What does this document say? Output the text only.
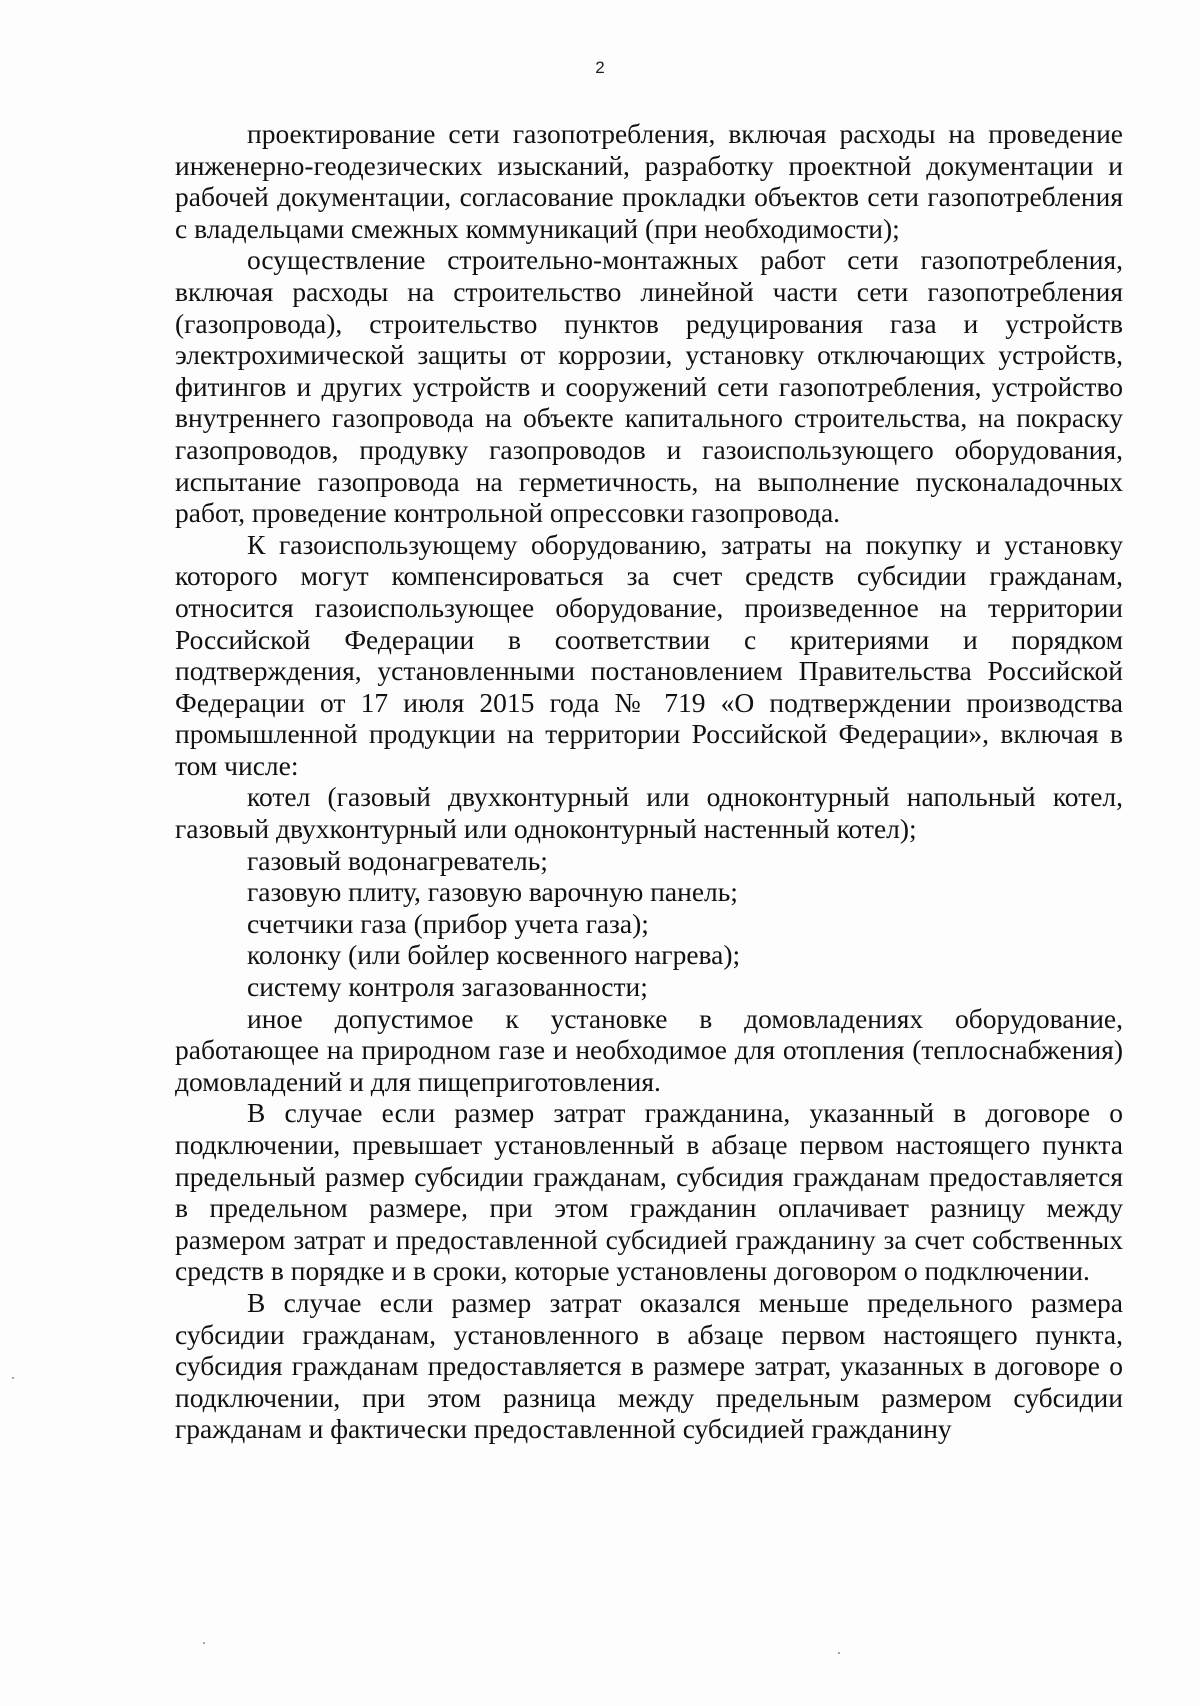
2

проектирование сети газопотребления, включая расходы на проведение инженерно-геодезических изысканий, разработку проектной документации и рабочей документации, согласование прокладки объектов сети газопотребления с владельцами смежных коммуникаций (при необходимости);

осуществление строительно-монтажных работ сети газопотребления, включая расходы на строительство линейной части сети газопотребления (газопровода), строительство пунктов редуцирования газа и устройств электрохимической защиты от коррозии, установку отключающих устройств, фитингов и других устройств и сооружений сети газопотребления, устройство внутреннего газопровода на объекте капитального строительства, на покраску газопроводов, продувку газопроводов и газоиспользующего оборудования, испытание газопровода на герметичность, на выполнение пусконаладочных работ, проведение контрольной опрессовки газопровода.

К газоиспользующему оборудованию, затраты на покупку и установку которого могут компенсироваться за счет средств субсидии гражданам, относится газоиспользующее оборудование, произведенное на территории Российской Федерации в соответствии с критериями и порядком подтверждения, установленными постановлением Правительства Российской Федерации от 17 июля 2015 года № 719 «О подтверждении производства промышленной продукции на территории Российской Федерации», включая в том числе:

котел (газовый двухконтурный или одноконтурный напольный котел, газовый двухконтурный или одноконтурный настенный котел);

газовый водонагреватель;

газовую плиту, газовую варочную панель;

счетчики газа (прибор учета газа);

колонку (или бойлер косвенного нагрева);

систему контроля загазованности;

иное допустимое к установке в домовладениях оборудование, работающее на природном газе и необходимое для отопления (теплоснабжения) домовладений и для пищеприготовления.

В случае если размер затрат гражданина, указанный в договоре о подключении, превышает установленный в абзаце первом настоящего пункта предельный размер субсидии гражданам, субсидия гражданам предоставляется в предельном размере, при этом гражданин оплачивает разницу между размером затрат и предоставленной субсидией гражданину за счет собственных средств в порядке и в сроки, которые установлены договором о подключении.

В случае если размер затрат оказался меньше предельного размера субсидии гражданам, установленного в абзаце первом настоящего пункта, субсидия гражданам предоставляется в размере затрат, указанных в договоре о подключении, при этом разница между предельным размером субсидии гражданам и фактически предоставленной субсидией гражданину
